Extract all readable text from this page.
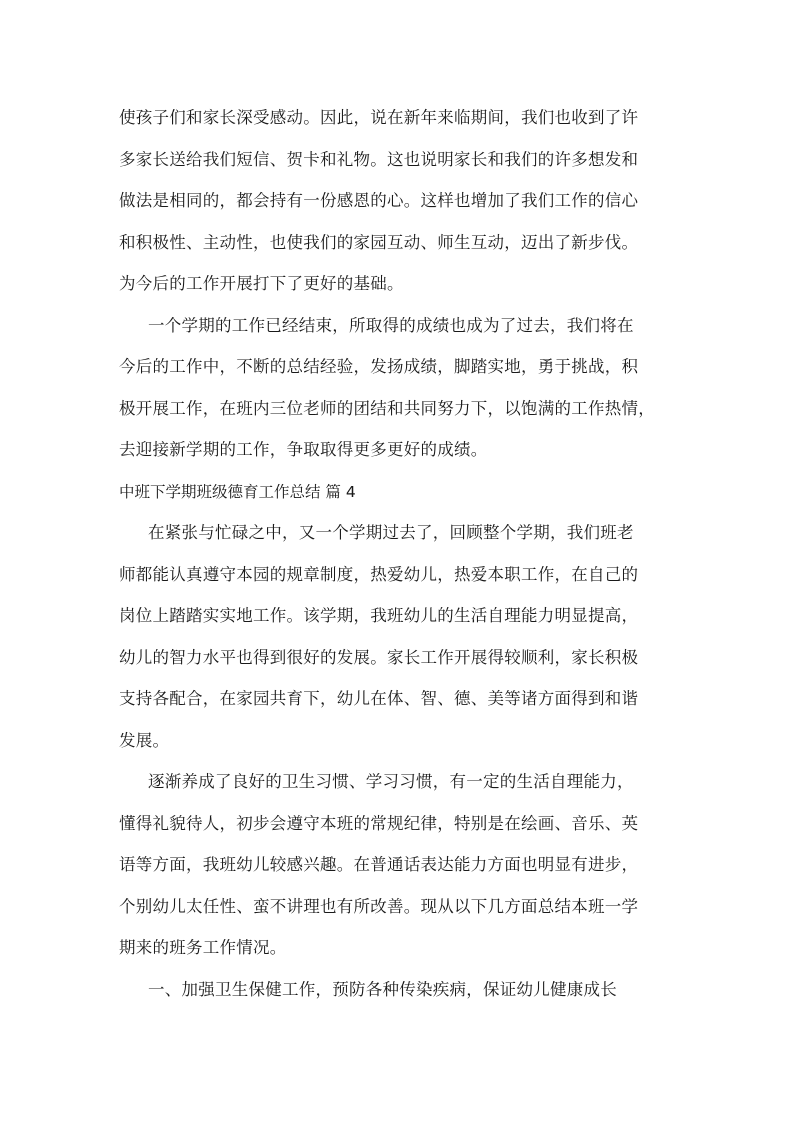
使孩子们和家长深受感动。因此，说在新年来临期间，我们也收到了许

多家长送给我们短信、贺卡和礼物。这也说明家长和我们的许多想发和

做法是相同的，都会持有一份感恩的心。这样也增加了我们工作的信心

和积极性、主动性，也使我们的家园互动、师生互动，迈出了新步伐。

为今后的工作开展打下了更好的基础。

一个学期的工作已经结束，所取得的成绩也成为了过去，我们将在

今后的工作中，不断的总结经验，发扬成绩，脚踏实地，勇于挑战，积

极开展工作，在班内三位老师的团结和共同努力下，以饱满的工作热情，

去迎接新学期的工作，争取取得更多更好的成绩。

中班下学期班级德育工作总结 篇 4

在紧张与忙碌之中，又一个学期过去了，回顾整个学期，我们班老

师都能认真遵守本园的规章制度，热爱幼儿，热爱本职工作，在自己的

岗位上踏踏实实地工作。该学期，我班幼儿的生活自理能力明显提高，

幼儿的智力水平也得到很好的发展。家长工作开展得较顺利，家长积极

支持各配合，在家园共育下，幼儿在体、智、德、美等诸方面得到和谐

发展。

逐渐养成了良好的卫生习惯、学习习惯，有一定的生活自理能力，

懂得礼貌待人，初步会遵守本班的常规纪律，特别是在绘画、音乐、英

语等方面，我班幼儿较感兴趣。在普通话表达能力方面也明显有进步，

个别幼儿太任性、蛮不讲理也有所改善。现从以下几方面总结本班一学

期来的班务工作情况。

一、加强卫生保健工作，预防各种传染疾病，保证幼儿健康成长
